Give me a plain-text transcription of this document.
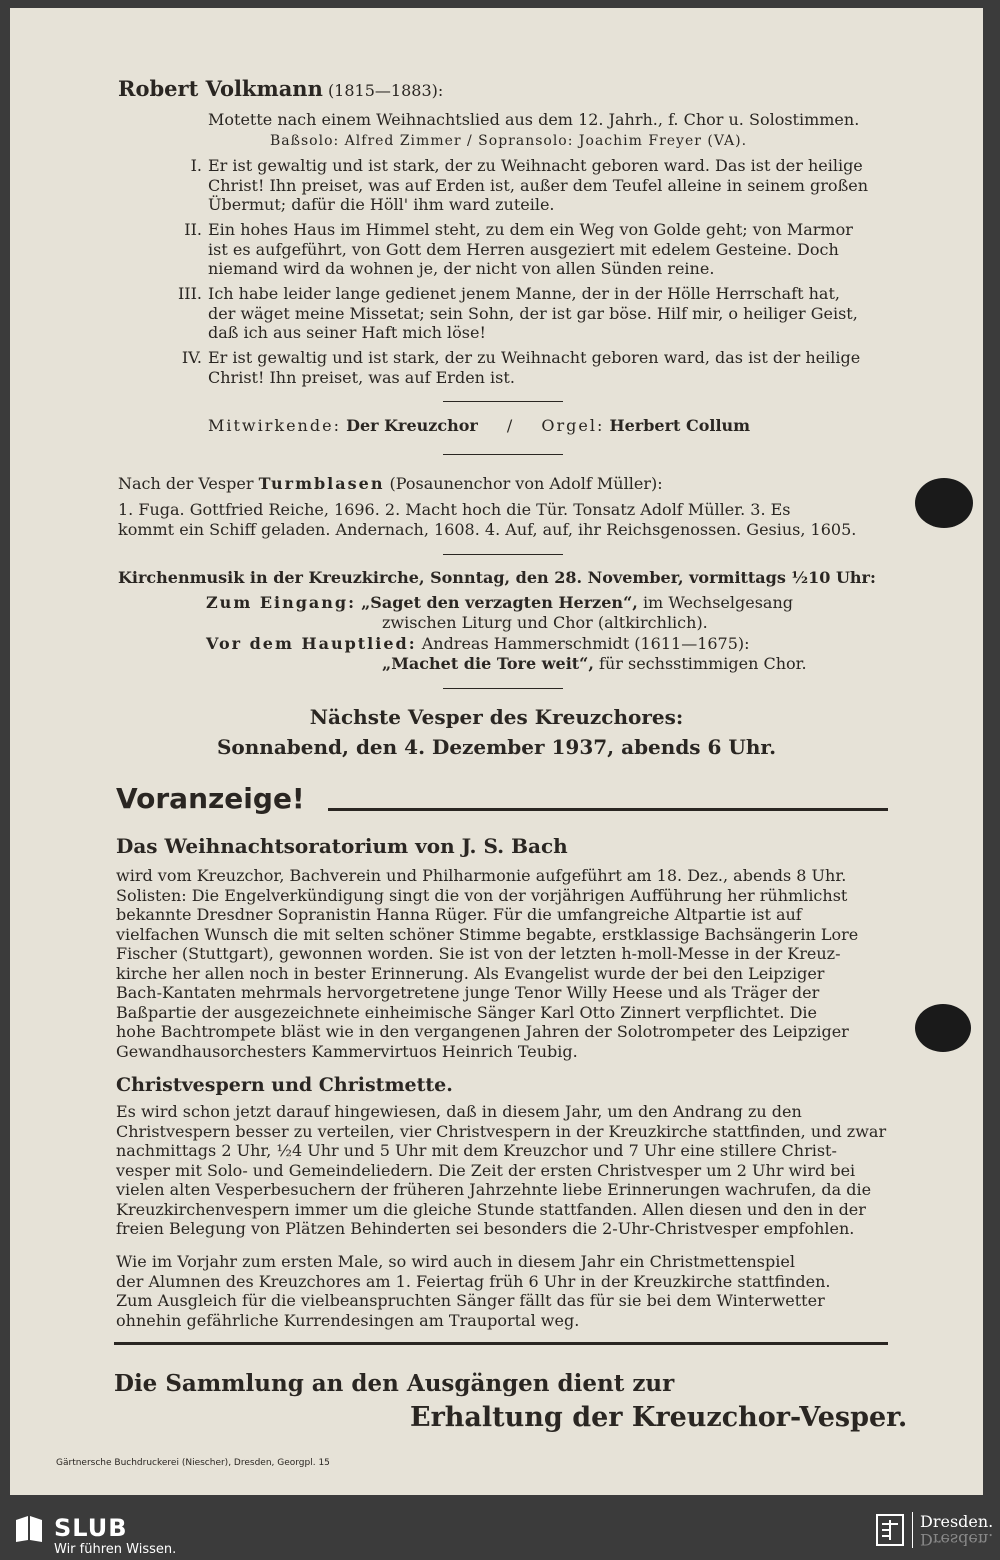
Robert Volkmann (1815—1883):
Motette nach einem Weihnachtslied aus dem 12. Jahrh., f. Chor u. Solostimmen.
Baßsolo: Alfred Zimmer / Sopransolo: Joachim Freyer (VA).
I. Er ist gewaltig und ist stark, der zu Weihnacht geboren ward. Das ist der heilige
Christ! Ihn preiset, was auf Erden ist, außer dem Teufel alleine in seinem großen
Übermut; dafür die Höll' ihm ward zuteile.
II. Ein hohes Haus im Himmel steht, zu dem ein Weg von Golde geht; von Marmor
ist es aufgeführt, von Gott dem Herren ausgeziert mit edelem Gesteine. Doch
niemand wird da wohnen je, der nicht von allen Sünden reine.
III. Ich habe leider lange gedienet jenem Manne, der in der Hölle Herrschaft hat,
der wäget meine Missetat; sein Sohn, der ist gar böse. Hilf mir, o heiliger Geist,
daß ich aus seiner Haft mich löse!
IV. Er ist gewaltig und ist stark, der zu Weihnacht geboren ward, das ist der heilige
Christ! Ihn preiset, was auf Erden ist.
Mitwirkende: Der Kreuzchor / Orgel: Herbert Collum
Nach der Vesper Turmblasen (Posaunenchor von Adolf Müller):
1. Fuga. Gottfried Reiche, 1696. 2. Macht hoch die Tür. Tonsatz Adolf Müller. 3. Es
kommt ein Schiff geladen. Andernach, 1608. 4. Auf, auf, ihr Reichsgenossen. Gesius, 1605.
Kirchenmusik in der Kreuzkirche, Sonntag, den 28. November, vormittags ½10 Uhr:
Zum Eingang: „Saget den verzagten Herzen“, im Wechselgesang
zwischen Liturg und Chor (altkirchlich).
Vor dem Hauptlied: Andreas Hammerschmidt (1611—1675):
„Machet die Tore weit“, für sechsstimmigen Chor.
Nächste Vesper des Kreuzchores:
Sonnabend, den 4. Dezember 1937, abends 6 Uhr.
Voranzeige!
Das Weihnachtsoratorium von J. S. Bach
wird vom Kreuzchor, Bachverein und Philharmonie aufgeführt am 18. Dez., abends 8 Uhr.
Solisten: Die Engelverkündigung singt die von der vorjährigen Aufführung her rühmlichst
bekannte Dresdner Sopranistin Hanna Rüger. Für die umfangreiche Altpartie ist auf
vielfachen Wunsch die mit selten schöner Stimme begabte, erstklassige Bachsängerin Lore
Fischer (Stuttgart), gewonnen worden. Sie ist von der letzten h-moll-Messe in der Kreuz-
kirche her allen noch in bester Erinnerung. Als Evangelist wurde der bei den Leipziger
Bach-Kantaten mehrmals hervorgetretene junge Tenor Willy Heese und als Träger der
Baßpartie der ausgezeichnete einheimische Sänger Karl Otto Zinnert verpflichtet. Die
hohe Bachtrompete bläst wie in den vergangenen Jahren der Solotrompeter des Leipziger
Gewandhausorchesters Kammervirtuos Heinrich Teubig.
Christvespern und Christmette.
Es wird schon jetzt darauf hingewiesen, daß in diesem Jahr, um den Andrang zu den
Christvespern besser zu verteilen, vier Christvespern in der Kreuzkirche stattfinden, und zwar
nachmittags 2 Uhr, ½4 Uhr und 5 Uhr mit dem Kreuzchor und 7 Uhr eine stillere Christ-
vesper mit Solo- und Gemeindeliedern. Die Zeit der ersten Christvesper um 2 Uhr wird bei
vielen alten Vesperbesuchern der früheren Jahrzehnte liebe Erinnerungen wachrufen, da die
Kreuzkirchenvespern immer um die gleiche Stunde stattfanden. Allen diesen und den in der
freien Belegung von Plätzen Behinderten sei besonders die 2-Uhr-Christvesper empfohlen.
Wie im Vorjahr zum ersten Male, so wird auch in diesem Jahr ein Christmettenspiel
der Alumnen des Kreuzchores am 1. Feiertag früh 6 Uhr in der Kreuzkirche stattfinden.
Zum Ausgleich für die vielbeanspruchten Sänger fällt das für sie bei dem Winterwetter
ohnehin gefährliche Kurrendesingen am Trauportal weg.
Die Sammlung an den Ausgängen dient zur
Erhaltung der Kreuzchor-Vesper.
Gärtnersche Buchdruckerei (Niescher), Dresden, Georgpl. 15
SLUB
Wir führen Wissen.
Dresden.
Dresden.
